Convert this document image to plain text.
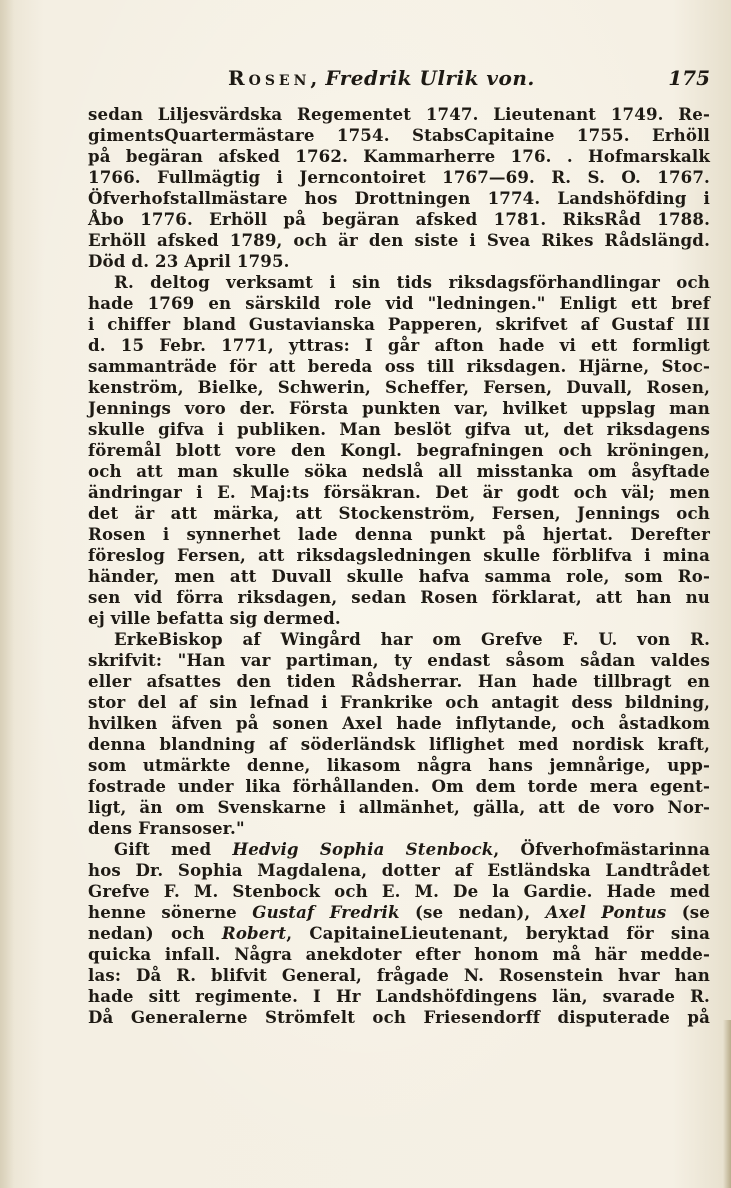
Rosen, Fredrik Ulrik von.	175
sedan Liljesvärdska Regementet 1747. Lieutenant 1749. Re-
gimentsQuartermästare 1754. StabsCapitaine 1755. Erhöll
på begäran afsked 1762. Kammarherre 176. . Hofmarskalk
1766. Fullmägtig i Jerncontoiret 1767—69. R. S. O. 1767.
Öfverhofstallmästare hos Drottningen 1774. Landshöfding i
Åbo 1776. Erhöll på begäran afsked 1781. RiksRåd 1788.
Erhöll afsked 1789, och är den siste i Svea Rikes Rådslängd.
Död d. 23 April 1795.
R. deltog verksamt i sin tids riksdagsförhandlingar och
hade 1769 en särskild role vid "ledningen." Enligt ett bref
i chiffer bland Gustavianska Papperen, skrifvet af Gustaf III
d. 15 Febr. 1771, yttras: I går afton hade vi ett formligt
sammanträde för att bereda oss till riksdagen. Hjärne, Stoc-
kenström, Bielke, Schwerin, Scheffer, Fersen, Duvall, Rosen,
Jennings voro der. Första punkten var, hvilket uppslag man
skulle gifva i publiken. Man beslöt gifva ut, det riksdagens
föremål blott vore den Kongl. begrafningen och kröningen,
och att man skulle söka nedslå all misstanka om åsyftade
ändringar i E. Maj:ts försäkran. Det är godt och väl; men
det är att märka, att Stockenström, Fersen, Jennings och
Rosen i synnerhet lade denna punkt på hjertat. Derefter
föreslog Fersen, att riksdagsledningen skulle förblifva i mina
händer, men att Duvall skulle hafva samma role, som Ro-
sen vid förra riksdagen, sedan Rosen förklarat, att han nu
ej ville befatta sig dermed.
ErkeBiskop af Wingård har om Grefve F. U. von R.
skrifvit: "Han var partiman, ty endast såsom sådan valdes
eller afsattes den tiden Rådsherrar. Han hade tillbragt en
stor del af sin lefnad i Frankrike och antagit dess bildning,
hvilken äfven på sonen Axel hade inflytande, och åstadkom
denna blandning af söderländsk liflighet med nordisk kraft,
som utmärkte denne, likasom några hans jemnårige, upp-
fostrade under lika förhållanden. Om dem torde mera egent-
ligt, än om Svenskarne i allmänhet, gälla, att de voro Nor-
dens Fransoser."
Gift med Hedvig Sophia Stenbock, Öfverhofmästarinna
hos Dr. Sophia Magdalena, dotter af Estländska Landtrådet
Grefve F. M. Stenbock och E. M. De la Gardie. Hade med
henne sönerne Gustaf Fredrik (se nedan), Axel Pontus (se
nedan) och Robert, CapitaineLieutenant, beryktad för sina
quicka infall. Några anekdoter efter honom må här medde-
las: Då R. blifvit General, frågade N. Rosenstein hvar han
hade sitt regimente. I Hr Landshöfdingens län, svarade R.
Då Generalerne Strömfelt och Friesendorff disputerade på
